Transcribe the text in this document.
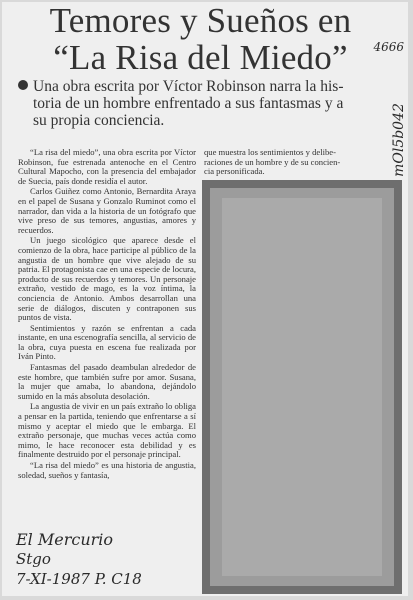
Temores y Sueños en
“La Risa del Miedo”
Una obra escrita por Víctor Robinson narra la his-
toria de un hombre enfrentado a sus fantasmas y a
su propia conciencia.

“La risa del miedo”, una obra escrita por Víctor Robinson, fue estrenada antenoche en el Centro Cultural Mapocho, con la presencia del embajador de Suecia, país donde residía el autor.

Carlos Guiñez como Antonio, Bernardita Araya en el papel de Susana y Gonzalo Ruminot como el narrador, dan vida a la historia de un fotógrafo que vive preso de sus temores, angustias, amores y recuerdos.

Un juego sicológico que aparece desde el comienzo de la obra, hace participe al público de la angustia de un hombre que vive alejado de su patria. El protagonista cae en una especie de locura, producto de sus recuerdos y temores. Un personaje extraño, vestido de mago, es la voz íntima, la conciencia de Antonio. Ambos desarrollan una serie de diálogos, discuten y contraponen sus puntos de vista.

Sentimientos y razón se enfrentan a cada instante, en una escenografía sencilla, al servicio de la obra, cuya puesta en escena fue realizada por Iván Pinto.

Fantasmas del pasado deambulan alrededor de este hombre, que también sufre por amor. Susana, la mujer que amaba, lo abandona, dejándolo sumido en la más absoluta desolación.

La angustia de vivir en un país extraño lo obliga a pensar en la partida, teniendo que enfrentarse a sí mismo y aceptar el miedo que le embarga. El extraño personaje, que muchas veces actúa como mimo, le hace reconocer esta debilidad y es finalmente destruido por el personaje principal.

“La risa del miedo” es una historia de angustia, soledad, sueños y fantasía,

que muestra los sentimientos y delibe-
raciones de un hombre y de su concien-
cia personificada.
El Mercurio
Stgo
7-XI-1987 P. C18
4666
mOl5b042
